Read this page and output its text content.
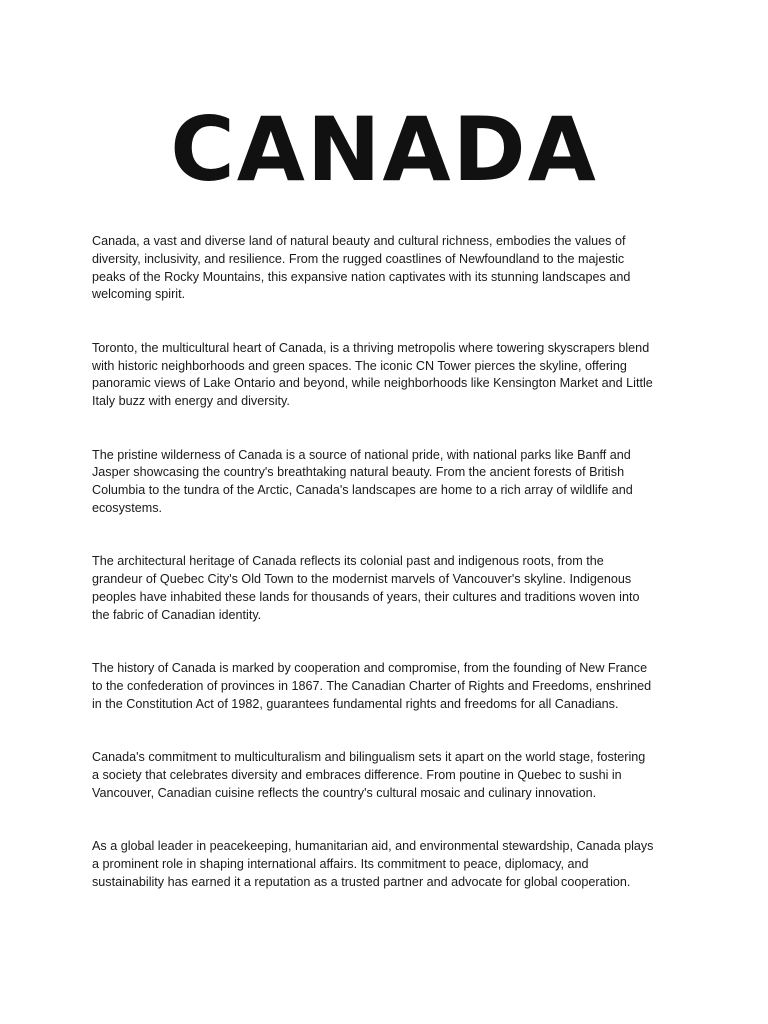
CANADA

Canada, a vast and diverse land of natural beauty and cultural richness, embodies the values of
diversity, inclusivity, and resilience. From the rugged coastlines of Newfoundland to the majestic
peaks of the Rocky Mountains, this expansive nation captivates with its stunning landscapes and
welcoming spirit.

Toronto, the multicultural heart of Canada, is a thriving metropolis where towering skyscrapers blend
with historic neighborhoods and green spaces. The iconic CN Tower pierces the skyline, offering
panoramic views of Lake Ontario and beyond, while neighborhoods like Kensington Market and Little
Italy buzz with energy and diversity.

The pristine wilderness of Canada is a source of national pride, with national parks like Banff and
Jasper showcasing the country's breathtaking natural beauty. From the ancient forests of British
Columbia to the tundra of the Arctic, Canada's landscapes are home to a rich array of wildlife and
ecosystems.

The architectural heritage of Canada reflects its colonial past and indigenous roots, from the
grandeur of Quebec City's Old Town to the modernist marvels of Vancouver's skyline. Indigenous
peoples have inhabited these lands for thousands of years, their cultures and traditions woven into
the fabric of Canadian identity.

The history of Canada is marked by cooperation and compromise, from the founding of New France
to the confederation of provinces in 1867. The Canadian Charter of Rights and Freedoms, enshrined
in the Constitution Act of 1982, guarantees fundamental rights and freedoms for all Canadians.

Canada's commitment to multiculturalism and bilingualism sets it apart on the world stage, fostering
a society that celebrates diversity and embraces difference. From poutine in Quebec to sushi in
Vancouver, Canadian cuisine reflects the country's cultural mosaic and culinary innovation.

As a global leader in peacekeeping, humanitarian aid, and environmental stewardship, Canada plays
a prominent role in shaping international affairs. Its commitment to peace, diplomacy, and
sustainability has earned it a reputation as a trusted partner and advocate for global cooperation.
